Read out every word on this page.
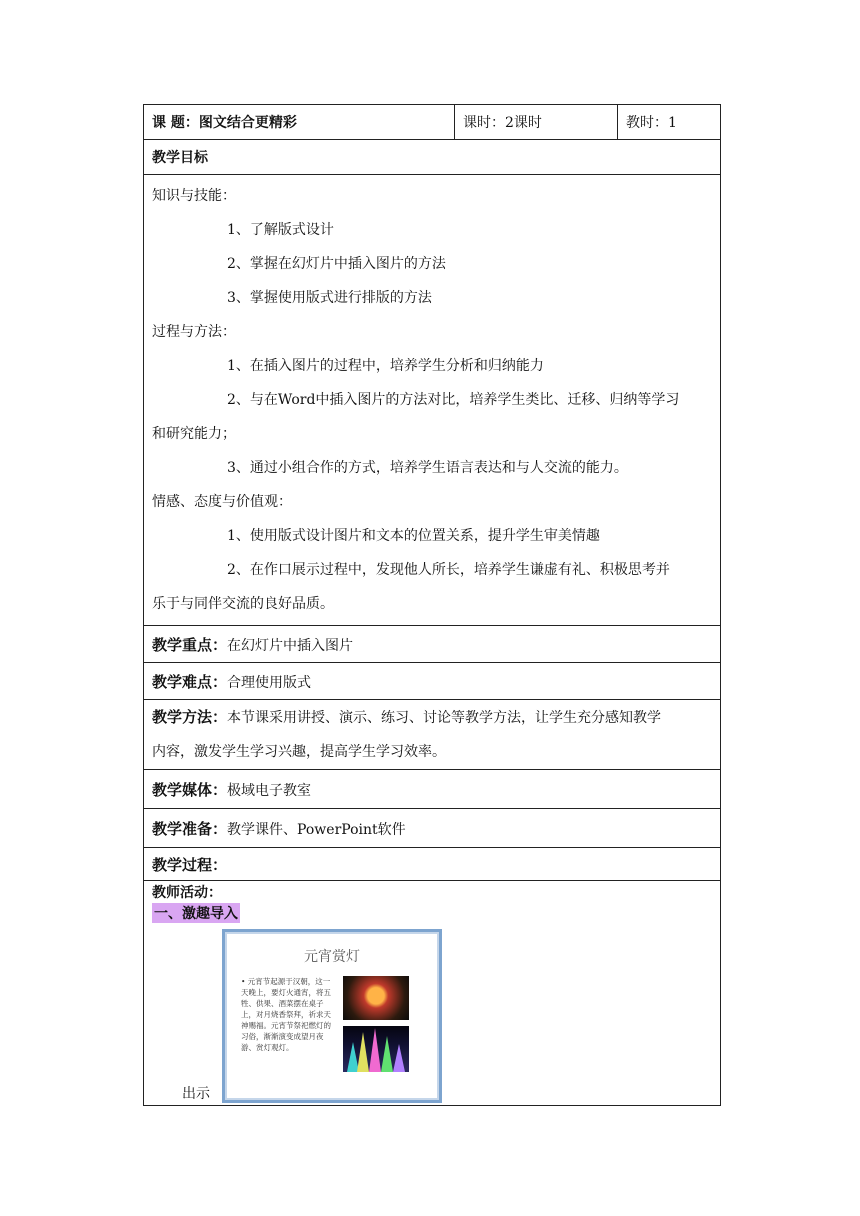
课 题：图文结合更精彩	课时：2课时	教时：1
教学目标

知识与技能：

1、了解版式设计

2、掌握在幻灯片中插入图片的方法

3、掌握使用版式进行排版的方法

过程与方法：

1、在插入图片的过程中，培养学生分析和归纳能力

2、与在Word中插入图片的方法对比，培养学生类比、迁移、归纳等学习

和研究能力；

3、通过小组合作的方式，培养学生语言表达和与人交流的能力。

情感、态度与价值观：

1、使用版式设计图片和文本的位置关系，提升学生审美情趣

2、在作口展示过程中，发现他人所长，培养学生谦虚有礼、积极思考并

乐于与同伴交流的良好品质。

教学重点：在幻灯片中插入图片
教学难点：合理使用版式

教学方法：本节课采用讲授、演示、练习、讨论等教学方法，让学生充分感知教学

内容，激发学生学习兴趣，提高学生学习效率。

教学媒体：极域电子教室
教学准备：教学课件、PowerPoint软件
教学过程：

教师活动：
一、激趣导入
元宵赏灯
• 元宵节起源于汉朝，这一天晚上，要灯火通宵，将五牲、供果、酒菜摆在桌子上，对月烧香祭拜，祈求天神赐福。元宵节祭祀燃灯的习俗，渐渐演变成望月夜游、赏灯观灯。
出示
